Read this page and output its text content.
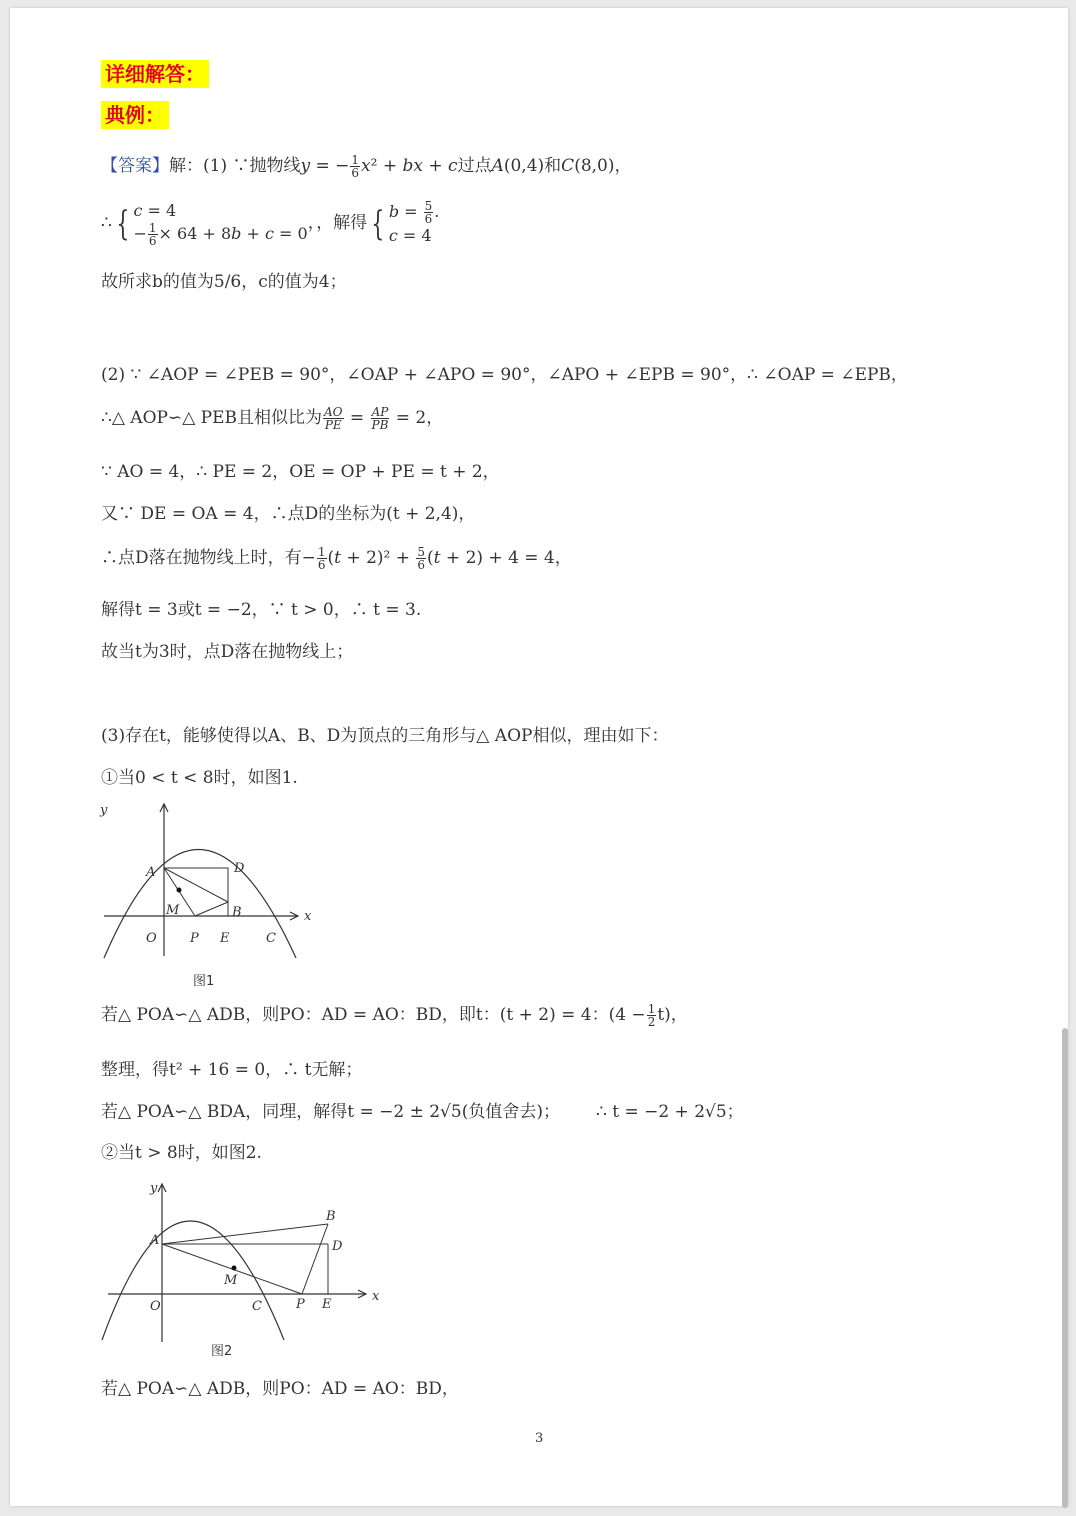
详细解答：
典例：
【答案】解：(1) ∵抛物线y = − $\frac{1}{6} x^2$ + bx + c过点A(0,4)和C(8,0)，
∴ { c = 4
− $\frac{1}{6} \times 64 + 8b + c = 0$，，解得 { $b = \frac{5}{6}$ .
c = 4
故所求b的值为5/6，c的值为4；
(2) ∵ ∠AOP = ∠PEB = 90°，∠OAP + ∠APO = 90°，∠APO + ∠EPB = 90°，∴ ∠OAP = ∠EPB，
∴△ AOP∽△ PEB且相似比为 $\frac{AO}{PE} = \frac{AP}{PB} = 2$，
∵ AO = 4，∴ PE = 2，OE = OP + PE = t + 2，
又∵ DE = OA = 4，∴点D的坐标为(t + 2,4)，
∴点D落在抛物线上时，有− $\frac{1}{6} (t + 2)^2 + \frac{5}{6} (t + 2) + 4 = 4$，
解得t = 3或t = −2，∵ t > 0，∴ t = 3.
故当t为3时，点D落在抛物线上；
(3)存在t，能够使得以A、B、D为顶点的三角形与△ AOP相似，理由如下：
①当0 < t < 8时，如图1.
y
x
A	D
M	B
O	P E	C
图1
若△ POA∽△ ADB，则PO：AD = AO：BD，即t：(t + 2) = 4：$(4 - \frac{1}{2} t)$，
整理，得t² + 16 = 0，∴ t无解；
若△ POA∽△ BDA，同理，解得t = −2 ± 2√5(负值舍去)； ∴ t = −2 + 2√5；
②当t > 8时，如图2.
y
x
A
B
D
M
O	C	P E
图2
若△ POA∽△ ADB，则PO：AD = AO：BD，
3
